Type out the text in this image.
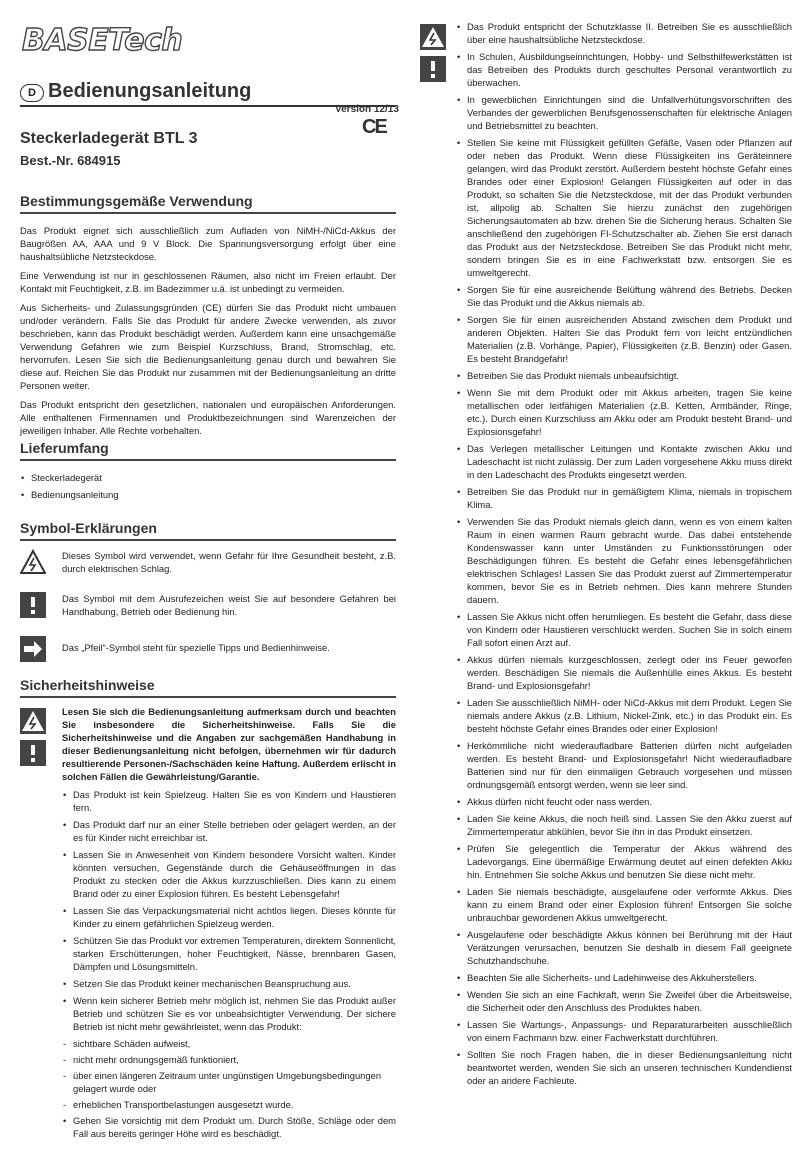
BASETech
D Bedienungsanleitung
Version 12/13
CE
Steckerladegerät BTL 3
Best.-Nr. 684915
Bestimmungsgemäße Verwendung

Das Produkt eignet sich ausschließlich zum Aufladen von NiMH-/NiCd-Akkus der Baugrößen AA, AAA und 9 V Block. Die Spannungsversorgung erfolgt über eine haushaltsübliche Netzsteckdose.

Eine Verwendung ist nur in geschlossenen Räumen, also nicht im Freien erlaubt. Der Kontakt mit Feuchtigkeit, z.B. im Badezimmer u.ä. ist unbedingt zu vermeiden.

Aus Sicherheits- und Zulassungsgründen (CE) dürfen Sie das Produkt nicht umbauen und/oder verändern. Falls Sie das Produkt für andere Zwecke verwenden, als zuvor beschrieben, kann das Produkt beschädigt werden. Außerdem kann eine unsachgemäße Verwendung Gefahren wie zum Beispiel Kurzschluss, Brand, Stromschlag, etc. hervorrufen. Lesen Sie sich die Bedienungsanleitung genau durch und bewahren Sie diese auf. Reichen Sie das Produkt nur zusammen mit der Bedienungsanleitung an dritte Personen weiter.

Das Produkt entspricht den gesetzlichen, nationalen und europäischen Anforderungen. Alle enthaltenen Firmennamen und Produktbezeichnungen sind Warenzeichen der jeweiligen Inhaber. Alle Rechte vorbehalten.

Lieferumfang
• Steckerladegerät
• Bedienungsanleitung
Symbol-Erklärungen
Dieses Symbol wird verwendet, wenn Gefahr für Ihre Gesundheit besteht, z.B. durch elektrischen Schlag.
Das Symbol mit dem Ausrufezeichen weist Sie auf besondere Gefahren bei Handhabung, Betrieb oder Bedienung hin.
Das „Pfeil“-Symbol steht für spezielle Tipps und Bedienhinweise.
Sicherheitshinweise

Lesen Sie sich die Bedienungsanleitung aufmerksam durch und beachten Sie insbesondere die Sicherheitshinweise. Falls Sie die Sicherheitshinweise und die Angaben zur sachgemäßen Handhabung in dieser Bedienungsanleitung nicht befolgen, übernehmen wir für dadurch resultierende Personen-/Sachschäden keine Haftung. Außerdem erlischt in solchen Fällen die Gewährleistung/Garantie.

• Das Produkt ist kein Spielzeug. Halten Sie es von Kindern und Haustieren fern.
• Das Produkt darf nur an einer Stelle betrieben oder gelagert werden, an der es für Kinder nicht erreichbar ist.
• Lassen Sie in Anwesenheit von Kindern besondere Vorsicht walten. Kinder könnten versuchen, Gegenstände durch die Gehäuseöffnungen in das Produkt zu stecken oder die Akkus kurzzuschließen. Dies kann zu einem Brand oder zu einer Explosion führen. Es besteht Lebensgefahr!
• Lassen Sie das Verpackungsmaterial nicht achtlos liegen. Dieses könnte für Kinder zu einem gefährlichen Spielzeug werden.
• Schützen Sie das Produkt vor extremen Temperaturen, direktem Sonnenlicht, starken Erschütterungen, hoher Feuchtigkeit, Nässe, brennbaren Gasen, Dämpfen und Lösungsmitteln.
• Setzen Sie das Produkt keiner mechanischen Beanspruchung aus.
• Wenn kein sicherer Betrieb mehr möglich ist, nehmen Sie das Produkt außer Betrieb und schützen Sie es vor unbeabsichtigter Verwendung. Der sichere Betrieb ist nicht mehr gewährleistet, wenn das Produkt:
- sichtbare Schäden aufweist,
- nicht mehr ordnungsgemäß funktioniert,
- über einen längeren Zeitraum unter ungünstigen Umgebungsbedingungen gelagert wurde oder
- erheblichen Transportbelastungen ausgesetzt wurde.
• Gehen Sie vorsichtig mit dem Produkt um. Durch Stöße, Schläge oder dem Fall aus bereits geringer Höhe wird es beschädigt.
• Das Produkt entspricht der Schutzklasse II. Betreiben Sie es ausschließlich über eine haushaltsübliche Netzsteckdose.
• In Schulen, Ausbildungseinrichtungen, Hobby- und Selbsthilfewerkstätten ist das Betreiben des Produkts durch geschultes Personal verantwortlich zu überwachen.
• In gewerblichen Einrichtungen sind die Unfallverhütungsvorschriften des Verbandes der gewerblichen Berufsgenossenschaften für elektrische Anlagen und Betriebsmittel zu beachten.
• Stellen Sie keine mit Flüssigkeit gefüllten Gefäße, Vasen oder Pflanzen auf oder neben das Produkt. Wenn diese Flüssigkeiten ins Geräteinnere gelangen, wird das Produkt zerstört. Außerdem besteht höchste Gefahr eines Brandes oder einer Explosion! Gelangen Flüssigkeiten auf oder in das Produkt, so schalten Sie die Netzsteckdose, mit der das Produkt verbunden ist, allpolig ab. Schalten Sie hierzu zunächst den zugehörigen Sicherungsautomaten ab bzw. drehen Sie die Sicherung heraus. Schalten Sie anschließend den zugehörigen FI-Schutzschalter ab. Ziehen Sie erst danach das Produkt aus der Netzsteckdose. Betreiben Sie das Produkt nicht mehr, sondern bringen Sie es in eine Fachwerkstatt bzw. entsorgen Sie es umweltgerecht.
• Sorgen Sie für eine ausreichende Belüftung während des Betriebs. Decken Sie das Produkt und die Akkus niemals ab.
• Sorgen Sie für einen ausreichenden Abstand zwischen dem Produkt und anderen Objekten. Halten Sie das Produkt fern von leicht entzündlichen Materialien (z.B. Vorhänge, Papier), Flüssigkeiten (z.B. Benzin) oder Gasen. Es besteht Brandgefahr!
• Betreiben Sie das Produkt niemals unbeaufsichtigt.
• Wenn Sie mit dem Produkt oder mit Akkus arbeiten, tragen Sie keine metallischen oder leitfähigen Materialien (z.B. Ketten, Armbänder, Ringe, etc.). Durch einen Kurzschluss am Akku oder am Produkt besteht Brand- und Explosionsgefahr!
• Das Verlegen metallischer Leitungen und Kontakte zwischen Akku und Ladeschacht ist nicht zulässig. Der zum Laden vorgesehene Akku muss direkt in den Ladeschacht des Produkts eingesetzt werden.
• Betreiben Sie das Produkt nur in gemäßigtem Klima, niemals in tropischem Klima.
• Verwenden Sie das Produkt niemals gleich dann, wenn es von einem kalten Raum in einen warmen Raum gebracht wurde. Das dabei entstehende Kondenswasser kann unter Umständen zu Funktionsstörungen oder Beschädigungen führen. Es besteht die Gefahr eines lebensgefährlichen elektrischen Schlages! Lassen Sie das Produkt zuerst auf Zimmertemperatur kommen, bevor Sie es in Betrieb nehmen. Dies kann mehrere Stunden dauern.
• Lassen Sie Akkus nicht offen herumliegen. Es besteht die Gefahr, dass diese von Kindern oder Haustieren verschluckt werden. Suchen Sie in solch einem Fall sofort einen Arzt auf.
• Akkus dürfen niemals kurzgeschlossen, zerlegt oder ins Feuer geworfen werden. Beschädigen Sie niemals die Außenhülle eines Akkus. Es besteht Brand- und Explosionsgefahr!
• Laden Sie ausschließlich NiMH- oder NiCd-Akkus mit dem Produkt. Legen Sie niemals andere Akkus (z.B. Lithium, Nickel-Zink, etc.) in das Produkt ein. Es besteht höchste Gefahr eines Brandes oder einer Explosion!
• Herkömmliche nicht wiederaufladbare Batterien dürfen nicht aufgeladen werden. Es besteht Brand- und Explosionsgefahr! Nicht wiederaufladbare Batterien sind nur für den einmaligen Gebrauch vorgesehen und müssen ordnungsgemäß entsorgt werden, wenn sie leer sind.
• Akkus dürfen nicht feucht oder nass werden.
• Laden Sie keine Akkus, die noch heiß sind. Lassen Sie den Akku zuerst auf Zimmertemperatur abkühlen, bevor Sie ihn in das Produkt einsetzen.
• Prüfen Sie gelegentlich die Temperatur der Akkus während des Ladevorgangs. Eine übermäßige Erwärmung deutet auf einen defekten Akku hin. Entnehmen Sie solche Akkus und benutzen Sie diese nicht mehr.
• Laden Sie niemals beschädigte, ausgelaufene oder verformte Akkus. Dies kann zu einem Brand oder einer Explosion führen! Entsorgen Sie solche unbrauchbar gewordenen Akkus umweltgerecht.
• Ausgelaufene oder beschädigte Akkus können bei Berührung mit der Haut Verätzungen verursachen, benutzen Sie deshalb in diesem Fall geeignete Schutzhandschuhe.
• Beachten Sie alle Sicherheits- und Ladehinweise des Akkuherstellers.
• Wenden Sie sich an eine Fachkraft, wenn Sie Zweifel über die Arbeitsweise, die Sicherheit oder den Anschluss des Produktes haben.
• Lassen Sie Wartungs-, Anpassungs- und Reparaturarbeiten ausschließlich von einem Fachmann bzw. einer Fachwerkstatt durchführen.
• Sollten Sie noch Fragen haben, die in dieser Bedienungsanleitung nicht beantwortet werden, wenden Sie sich an unseren technischen Kundendienst oder an andere Fachleute.
